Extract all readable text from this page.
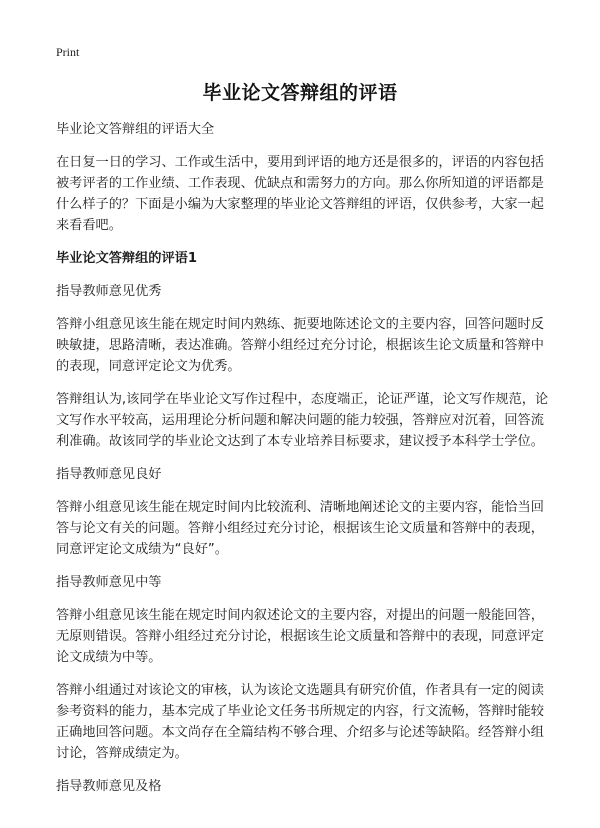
Print
毕业论文答辩组的评语

毕业论文答辩组的评语大全

在日复一日的学习、工作或生活中，要用到评语的地方还是很多的，评语的内容包括被考评者的工作业绩、工作表现、优缺点和需努力的方向。那么你所知道的评语都是什么样子的？下面是小编为大家整理的毕业论文答辩组的评语，仅供参考，大家一起来看看吧。

毕业论文答辩组的评语1

指导教师意见优秀

答辩小组意见该生能在规定时间内熟练、扼要地陈述论文的主要内容，回答问题时反映敏捷，思路清晰，表达准确。答辩小组经过充分讨论，根据该生论文质量和答辩中的表现，同意评定论文为优秀。

答辩组认为,该同学在毕业论文写作过程中，态度端正，论证严谨，论文写作规范，论文写作水平较高，运用理论分析问题和解决问题的能力较强，答辩应对沉着，回答流利准确。故该同学的毕业论文达到了本专业培养目标要求，建议授予本科学士学位。

指导教师意见良好

答辩小组意见该生能在规定时间内比较流利、清晰地阐述论文的主要内容，能恰当回答与论文有关的问题。答辩小组经过充分讨论，根据该生论文质量和答辩中的表现，同意评定论文成绩为“良好”。

指导教师意见中等

答辩小组意见该生能在规定时间内叙述论文的主要内容，对提出的问题一般能回答，无原则错误。答辩小组经过充分讨论，根据该生论文质量和答辩中的表现，同意评定论文成绩为中等。

答辩小组通过对该论文的审核，认为该论文选题具有研究价值，作者具有一定的阅读参考资料的能力，基本完成了毕业论文任务书所规定的内容，行文流畅，答辩时能较正确地回答问题。本文尚存在全篇结构不够合理、介绍多与论述等缺陷。经答辩小组讨论，答辩成绩定为。

指导教师意见及格
